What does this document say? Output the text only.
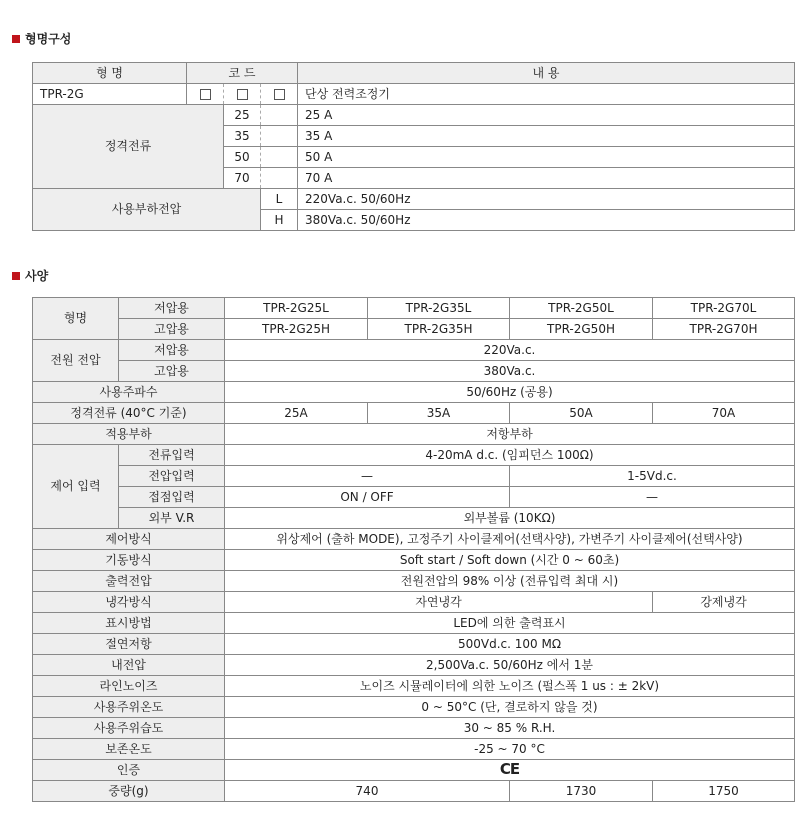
형명구성
형 명	코 드			내 용
TPR-2G				단상 전력조정기
정격전류		25		25 A
		35		35 A
		50		50 A
		70		70 A
사용부하전압			L	220Va.c. 50/60Hz
			H	380Va.c. 50/60Hz
사양
형명	저압용	TPR-2G25L	TPR-2G35L	TPR-2G50L	TPR-2G70L
	고압용	TPR-2G25H	TPR-2G35H	TPR-2G50H	TPR-2G70H
전원 전압	저압용	220Va.c.			
	고압용	380Va.c.			
사용주파수		50/60Hz (공용)			
정격전류 (40°C 기준)		25A	35A	50A	70A
적용부하		저항부하			
제어 입력	전류입력	4-20mA d.c. (임피던스 100Ω)			
	전압입력	—		1-5Vd.c.	
	접점입력	ON / OFF		—	
	외부 V.R	외부볼륨 (10KΩ)			
제어방식		위상제어 (출하 MODE), 고정주기 사이클제어(선택사양), 가변주기 사이클제어(선택사양)			
기동방식		Soft start / Soft down (시간 0 ~ 60초)			
출력전압		전원전압의 98% 이상 (전류입력 최대 시)			
냉각방식		자연냉각			강제냉각
표시방법		LED에 의한 출력표시			
절연저항		500Vd.c. 100 MΩ			
내전압		2,500Va.c. 50/60Hz 에서 1분			
라인노이즈		노이즈 시뮬레이터에 의한 노이즈 (펄스폭 1 us : ± 2kV)			
사용주위온도		0 ~ 50°C (단, 결로하지 않을 것)			
사용주위습도		30 ~ 85 % R.H.			
보존온도		-25 ~ 70 °C			
인증		CE			
중량(g)		740		1730	1750
